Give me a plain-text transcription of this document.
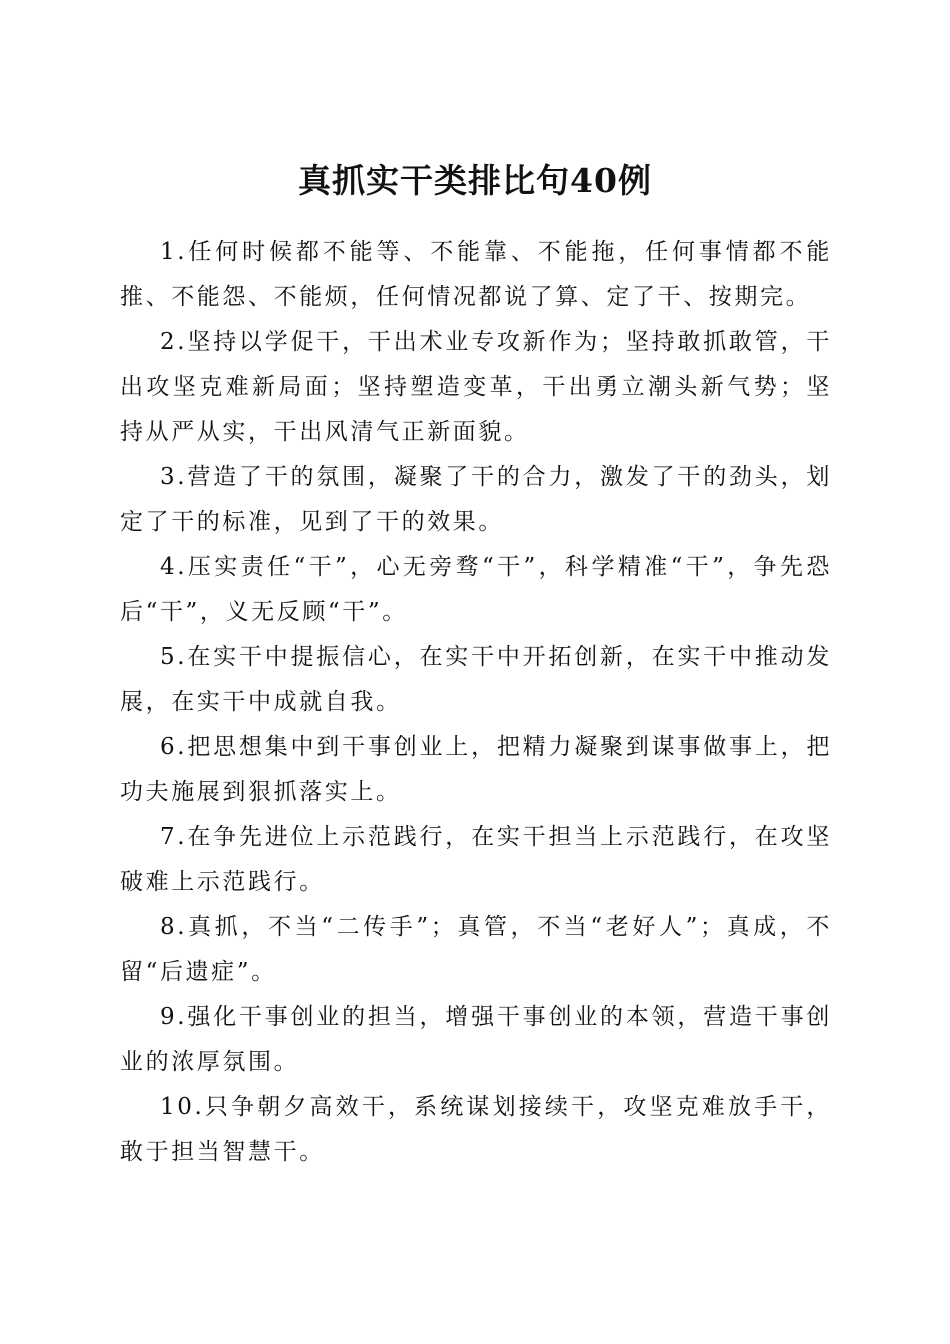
真抓实干类排比句40例

1.任何时候都不能等、不能靠、不能拖，任何事情都不能推、不能怨、不能烦，任何情况都说了算、定了干、按期完。

2.坚持以学促干，干出术业专攻新作为；坚持敢抓敢管，干出攻坚克难新局面；坚持塑造变革，干出勇立潮头新气势；坚持从严从实，干出风清气正新面貌。

3.营造了干的氛围，凝聚了干的合力，激发了干的劲头，划定了干的标准，见到了干的效果。

4.压实责任“干”，心无旁骛“干”，科学精准“干”，争先恐后“干”，义无反顾“干”。

5.在实干中提振信心，在实干中开拓创新，在实干中推动发展，在实干中成就自我。

6.把思想集中到干事创业上，把精力凝聚到谋事做事上，把功夫施展到狠抓落实上。

7.在争先进位上示范践行，在实干担当上示范践行，在攻坚破难上示范践行。

8.真抓，不当“二传手”；真管，不当“老好人”；真成，不留“后遗症”。

9.强化干事创业的担当，增强干事创业的本领，营造干事创业的浓厚氛围。

10.只争朝夕高效干，系统谋划接续干，攻坚克难放手干，敢于担当智慧干。
